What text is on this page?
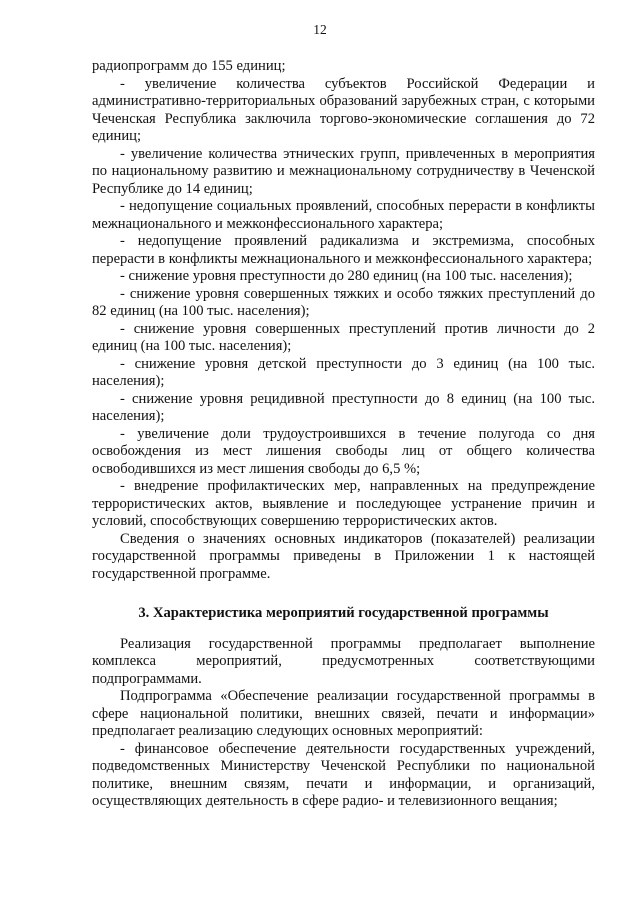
12

радиопрограмм до 155 единиц;

- увеличение количества субъектов Российской Федерации и административно-территориальных образований зарубежных стран, с которыми Чеченская Республика заключила торгово-экономические соглашения до 72 единиц;

- увеличение количества этнических групп, привлеченных в мероприятия по национальному развитию и межнациональному сотрудничеству в Чеченской Республике до 14 единиц;

- недопущение социальных проявлений, способных перерасти в конфликты межнационального и межконфессионального характера;

- недопущение проявлений радикализма и экстремизма, способных перерасти в конфликты межнационального и межконфессионального характера;

- снижение уровня преступности до 280 единиц (на 100 тыс. населения);

- снижение уровня совершенных тяжких и особо тяжких преступлений до 82 единиц (на 100 тыс. населения);

- снижение уровня совершенных преступлений против личности до 2 единиц (на 100 тыс. населения);

- снижение уровня детской преступности до 3 единиц (на 100 тыс. населения);

- снижение уровня рецидивной преступности до 8 единиц (на 100 тыс. населения);

- увеличение доли трудоустроившихся в течение полугода со дня освобождения из мест лишения свободы лиц от общего количества освободившихся из мест лишения свободы до 6,5 %;

- внедрение профилактических мер, направленных на предупреждение террористических актов, выявление и последующее устранение причин и условий, способствующих совершению террористических актов.

Сведения о значениях основных индикаторов (показателей) реализации государственной программы приведены в Приложении 1 к настоящей государственной программе.

3. Характеристика мероприятий государственной программы

Реализация государственной программы предполагает выполнение комплекса мероприятий, предусмотренных соответствующими подпрограммами.

Подпрограмма «Обеспечение реализации государственной программы в сфере национальной политики, внешних связей, печати и информации» предполагает реализацию следующих основных мероприятий:

- финансовое обеспечение деятельности государственных учреждений, подведомственных Министерству Чеченской Республики по национальной политике, внешним связям, печати и информации, и организаций, осуществляющих деятельность в сфере радио- и телевизионного вещания;
